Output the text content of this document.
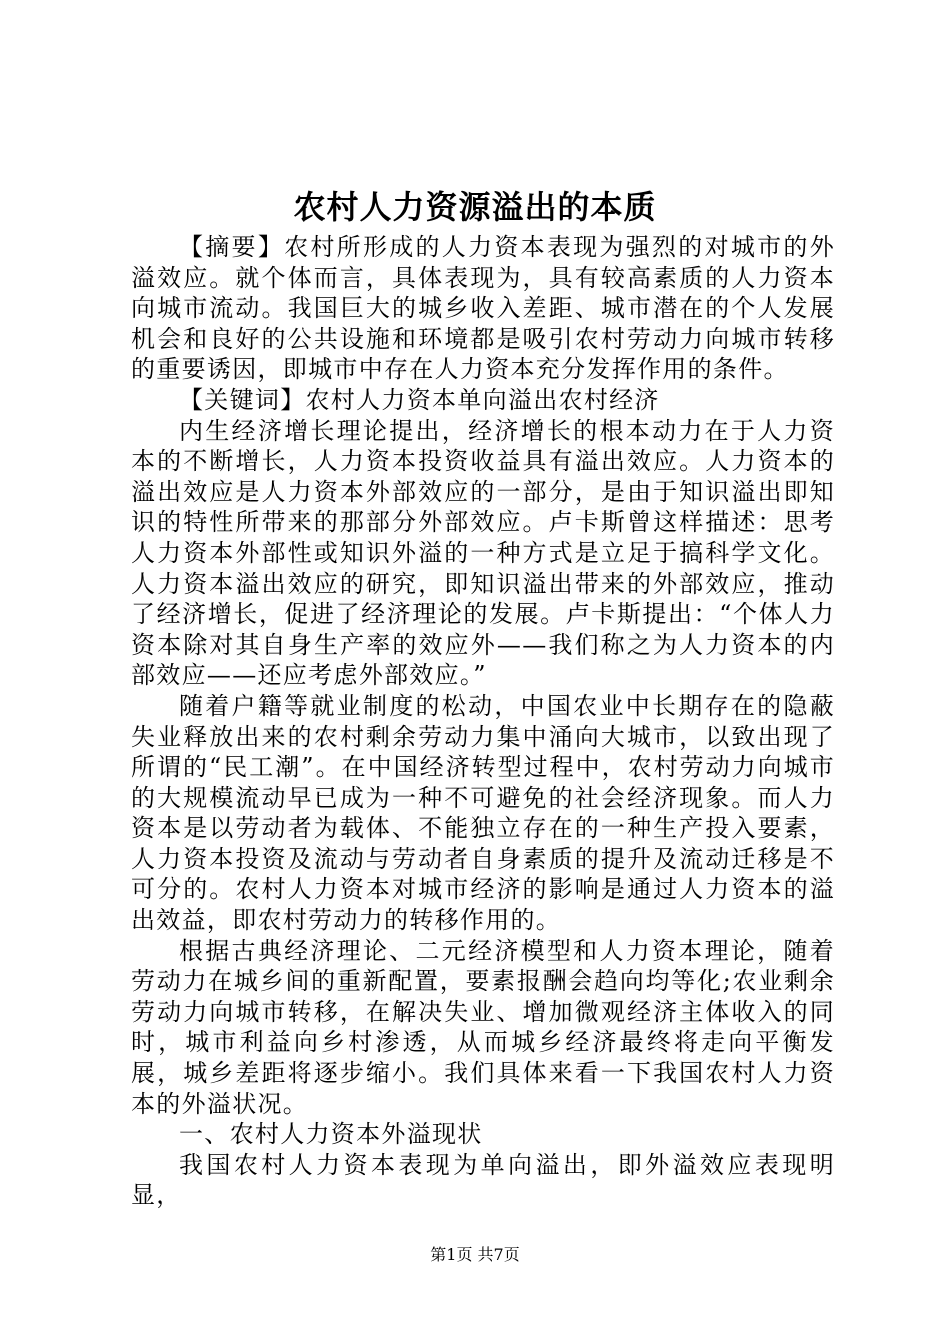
农村人力资源溢出的本质

【摘要】农村所形成的人力资本表现为强烈的对城市的外溢效应。就个体而言，具体表现为，具有较高素质的人力资本向城市流动。我国巨大的城乡收入差距、城市潜在的个人发展机会和良好的公共设施和环境都是吸引农村劳动力向城市转移的重要诱因，即城市中存在人力资本充分发挥作用的条件。

【关键词】农村人力资本单向溢出农村经济

内生经济增长理论提出，经济增长的根本动力在于人力资本的不断增长，人力资本投资收益具有溢出效应。人力资本的溢出效应是人力资本外部效应的一部分，是由于知识溢出即知识的特性所带来的那部分外部效应。卢卡斯曾这样描述：思考人力资本外部性或知识外溢的一种方式是立足于搞科学文化。人力资本溢出效应的研究，即知识溢出带来的外部效应，推动了经济增长，促进了经济理论的发展。卢卡斯提出：“个体人力资本除对其自身生产率的效应外——我们称之为人力资本的内部效应——还应考虑外部效应。”

随着户籍等就业制度的松动，中国农业中长期存在的隐蔽失业释放出来的农村剩余劳动力集中涌向大城市，以致出现了所谓的“民工潮”。在中国经济转型过程中，农村劳动力向城市的大规模流动早已成为一种不可避免的社会经济现象。而人力资本是以劳动者为载体、不能独立存在的一种生产投入要素，人力资本投资及流动与劳动者自身素质的提升及流动迁移是不可分的。农村人力资本对城市经济的影响是通过人力资本的溢出效益，即农村劳动力的转移作用的。

根据古典经济理论、二元经济模型和人力资本理论，随着劳动力在城乡间的重新配置，要素报酬会趋向均等化;农业剩余劳动力向城市转移，在解决失业、增加微观经济主体收入的同时，城市利益向乡村渗透，从而城乡经济最终将走向平衡发展，城乡差距将逐步缩小。我们具体来看一下我国农村人力资本的外溢状况。

一、农村人力资本外溢现状

我国农村人力资本表现为单向溢出，即外溢效应表现明显，

第1页 共7页
